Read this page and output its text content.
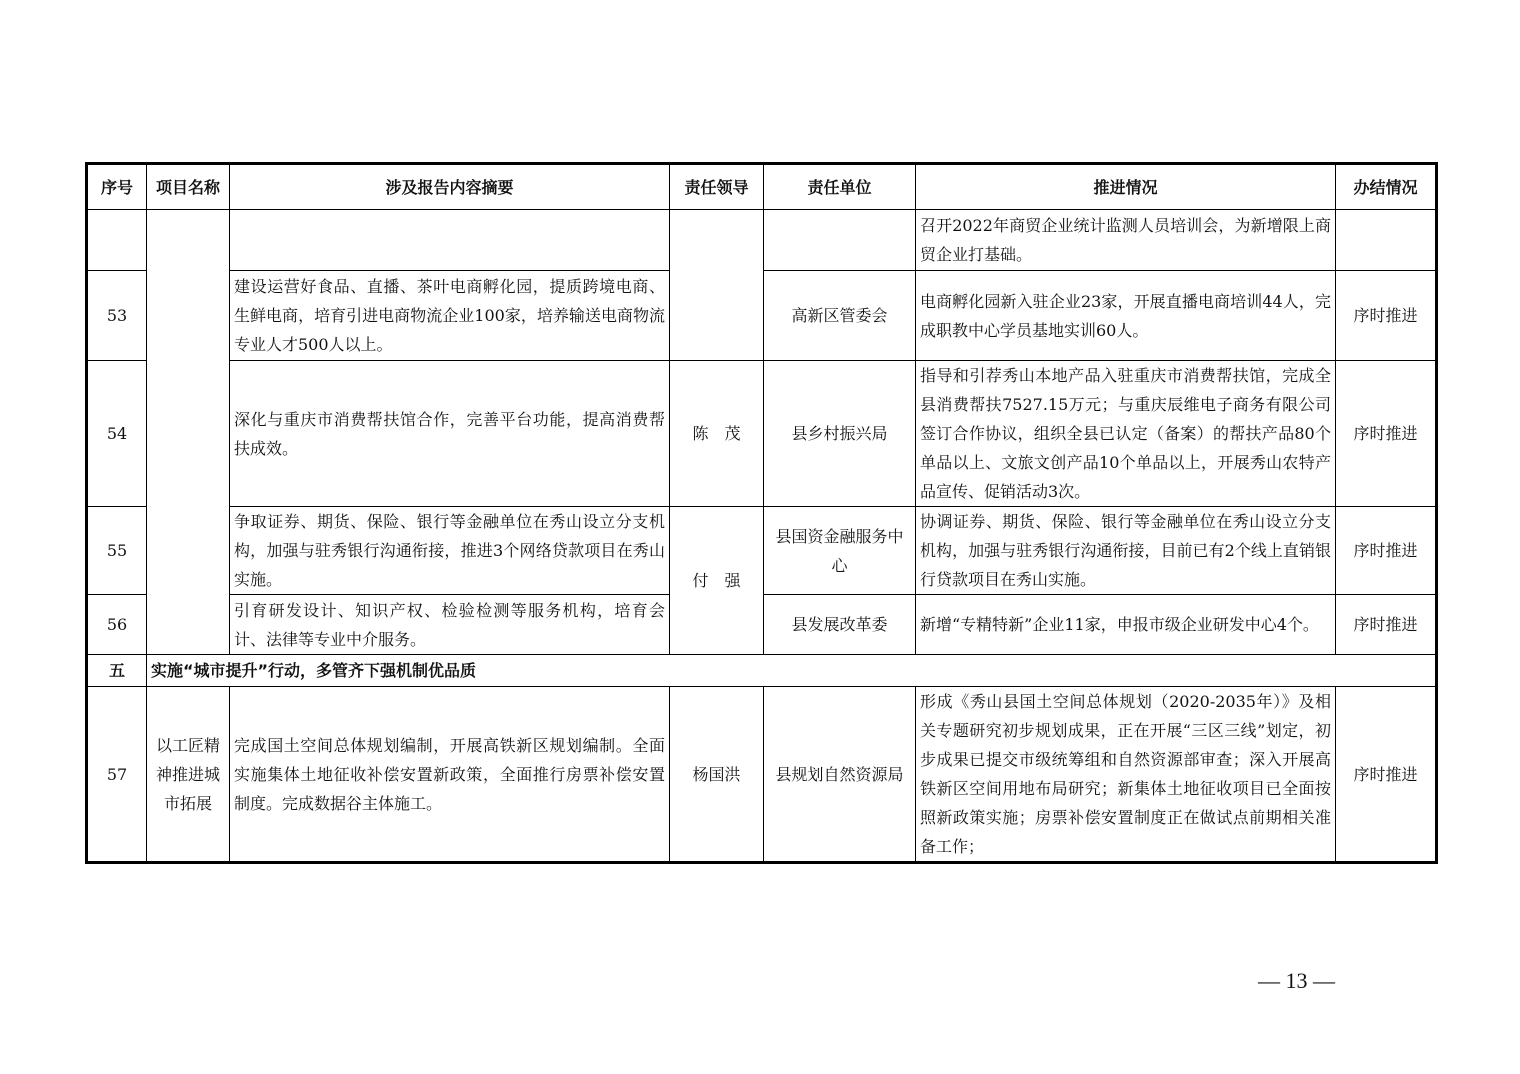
序号	项目名称	涉及报告内容摘要	责任领导	责任单位	推进情况	办结情况
					召开2022年商贸企业统计监测人员培训会，为新增限上商贸企业打基础。	
53		建设运营好食品、直播、茶叶电商孵化园，提质跨境电商、生鲜电商，培育引进电商物流企业100家，培养输送电商物流专业人才500人以上。		高新区管委会	电商孵化园新入驻企业23家，开展直播电商培训44人，完成职教中心学员基地实训60人。	序时推进
54		深化与重庆市消费帮扶馆合作，完善平台功能，提高消费帮扶成效。	陈　茂	县乡村振兴局	指导和引荐秀山本地产品入驻重庆市消费帮扶馆，完成全县消费帮扶7527.15万元；与重庆辰维电子商务有限公司签订合作协议，组织全县已认定（备案）的帮扶产品80个单品以上、文旅文创产品10个单品以上，开展秀山农特产品宣传、促销活动3次。	序时推进
55		争取证券、期货、保险、银行等金融单位在秀山设立分支机构，加强与驻秀银行沟通衔接，推进3个网络贷款项目在秀山实施。	付　强	县国资金融服务中心	协调证券、期货、保险、银行等金融单位在秀山设立分支机构，加强与驻秀银行沟通衔接，目前已有2个线上直销银行贷款项目在秀山实施。	序时推进
56		引育研发设计、知识产权、检验检测等服务机构，培育会计、法律等专业中介服务。		县发展改革委	新增“专精特新”企业11家，申报市级企业研发中心4个。	序时推进
五	实施“城市提升”行动，多管齐下强机制优品质					
57	以工匠精神推进城市拓展	完成国土空间总体规划编制，开展高铁新区规划编制。全面实施集体土地征收补偿安置新政策，全面推行房票补偿安置制度。完成数据谷主体施工。	杨国洪	县规划自然资源局	形成《秀山县国土空间总体规划（2020-2035年）》及相关专题研究初步规划成果，正在开展“三区三线”划定，初步成果已提交市级统筹组和自然资源部审查；深入开展高铁新区空间用地布局研究；新集体土地征收项目已全面按照新政策实施；房票补偿安置制度正在做试点前期相关准备工作；	序时推进
— 13 —
